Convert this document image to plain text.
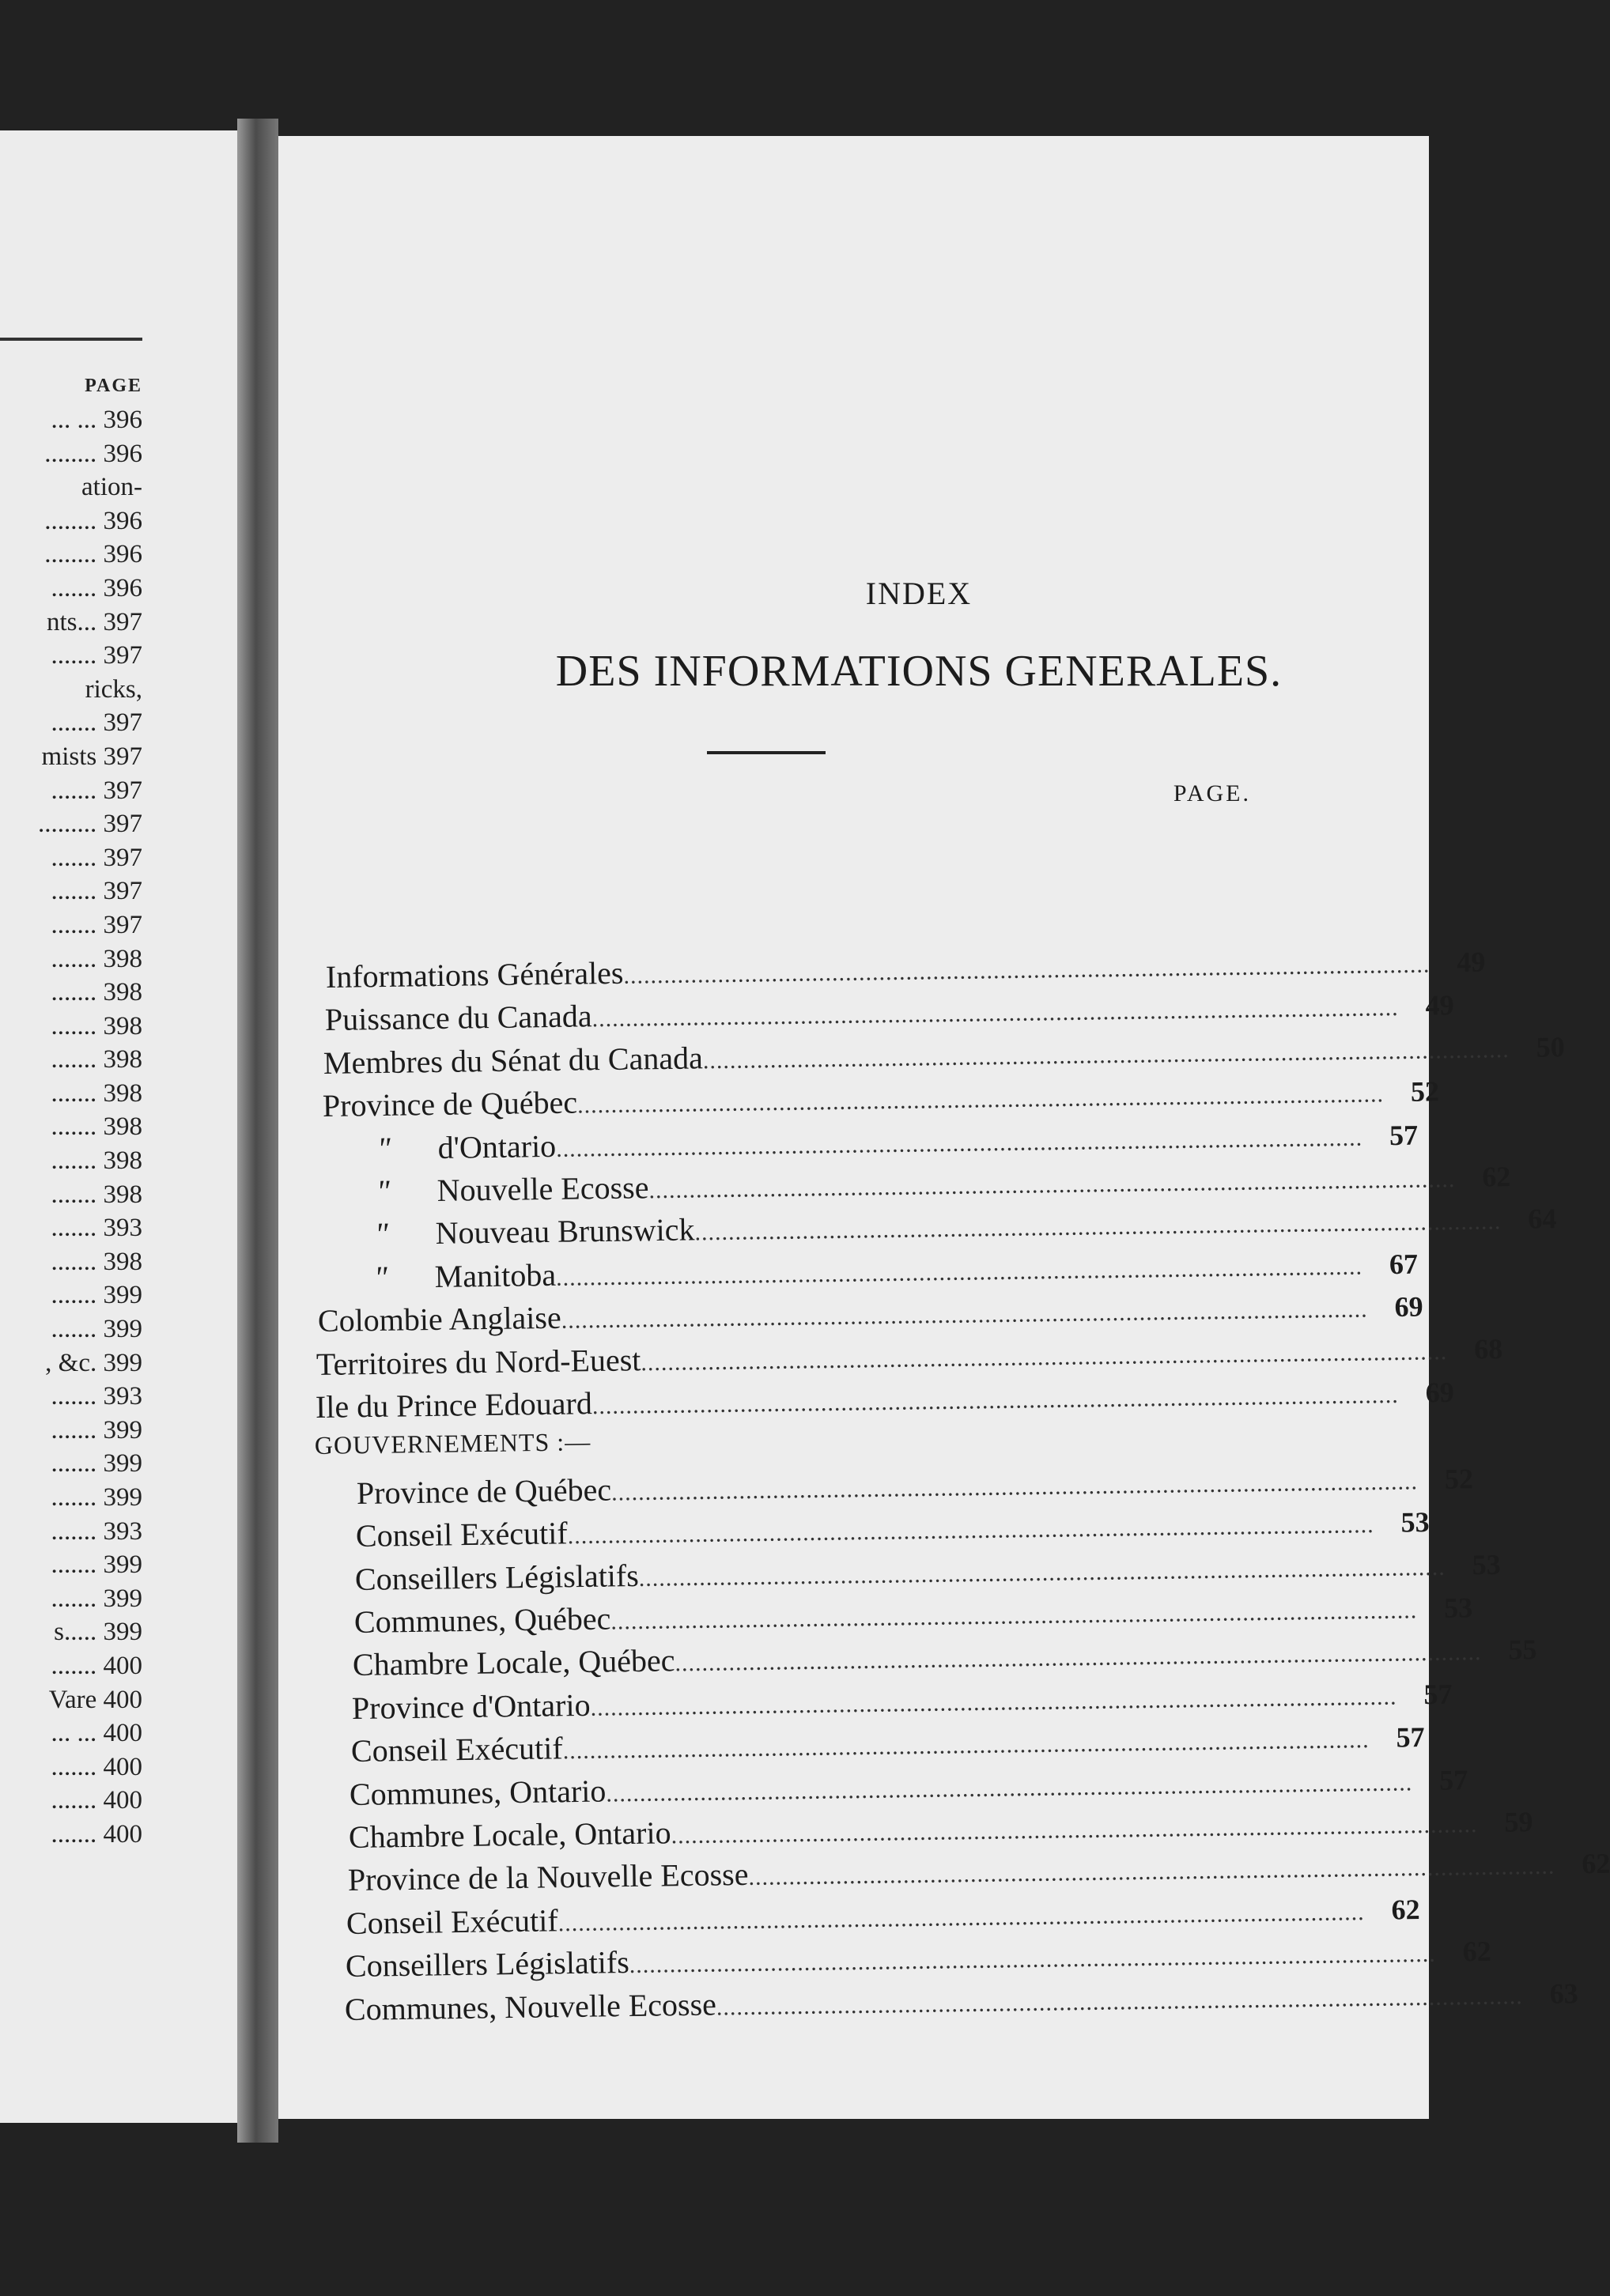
PAGE
... ... 396
........ 396
ation-
........ 396
........ 396
....... 396
nts... 397
....... 397
ricks,
....... 397
mists 397
....... 397
......... 397
....... 397
....... 397
....... 397
....... 398
....... 398
....... 398
....... 398
....... 398
....... 398
....... 398
....... 398
....... 393
....... 398
....... 399
....... 399
, &c. 399
....... 393
....... 399
....... 399
....... 399
....... 393
....... 399
....... 399
s..... 399
....... 400
Vare 400
... ... 400
....... 400
....... 400
....... 400
INDEX
DES INFORMATIONS GENERALES.
PAGE.
Informations Générales ........................................................................................................................ 49
Puissance du Canada ........................................................................................................................ 49
Membres du Sénat du Canada ........................................................................................................................ 50
Province de Québec ........................................................................................................................ 52
" d'Ontario ........................................................................................................................ 57
" Nouvelle Ecosse ........................................................................................................................ 62
" Nouveau Brunswick ........................................................................................................................ 64
" Manitoba ........................................................................................................................ 67
Colombie Anglaise ........................................................................................................................ 69
Territoires du Nord-Euest ........................................................................................................................ 68
Ile du Prince Edouard ........................................................................................................................ 69
GOUVERNEMENTS :—
Province de Québec ........................................................................................................................ 52
Conseil Exécutif ........................................................................................................................ 53
Conseillers Législatifs ........................................................................................................................ 53
Communes, Québec ........................................................................................................................ 53
Chambre Locale, Québec ........................................................................................................................ 55
Province d'Ontario ........................................................................................................................ 57
Conseil Exécutif ........................................................................................................................ 57
Communes, Ontario ........................................................................................................................ 57
Chambre Locale, Ontario ........................................................................................................................ 59
Province de la Nouvelle Ecosse ........................................................................................................................ 62
Conseil Exécutif ........................................................................................................................ 62
Conseillers Législatifs ........................................................................................................................ 62
Communes, Nouvelle Ecosse ........................................................................................................................ 63
